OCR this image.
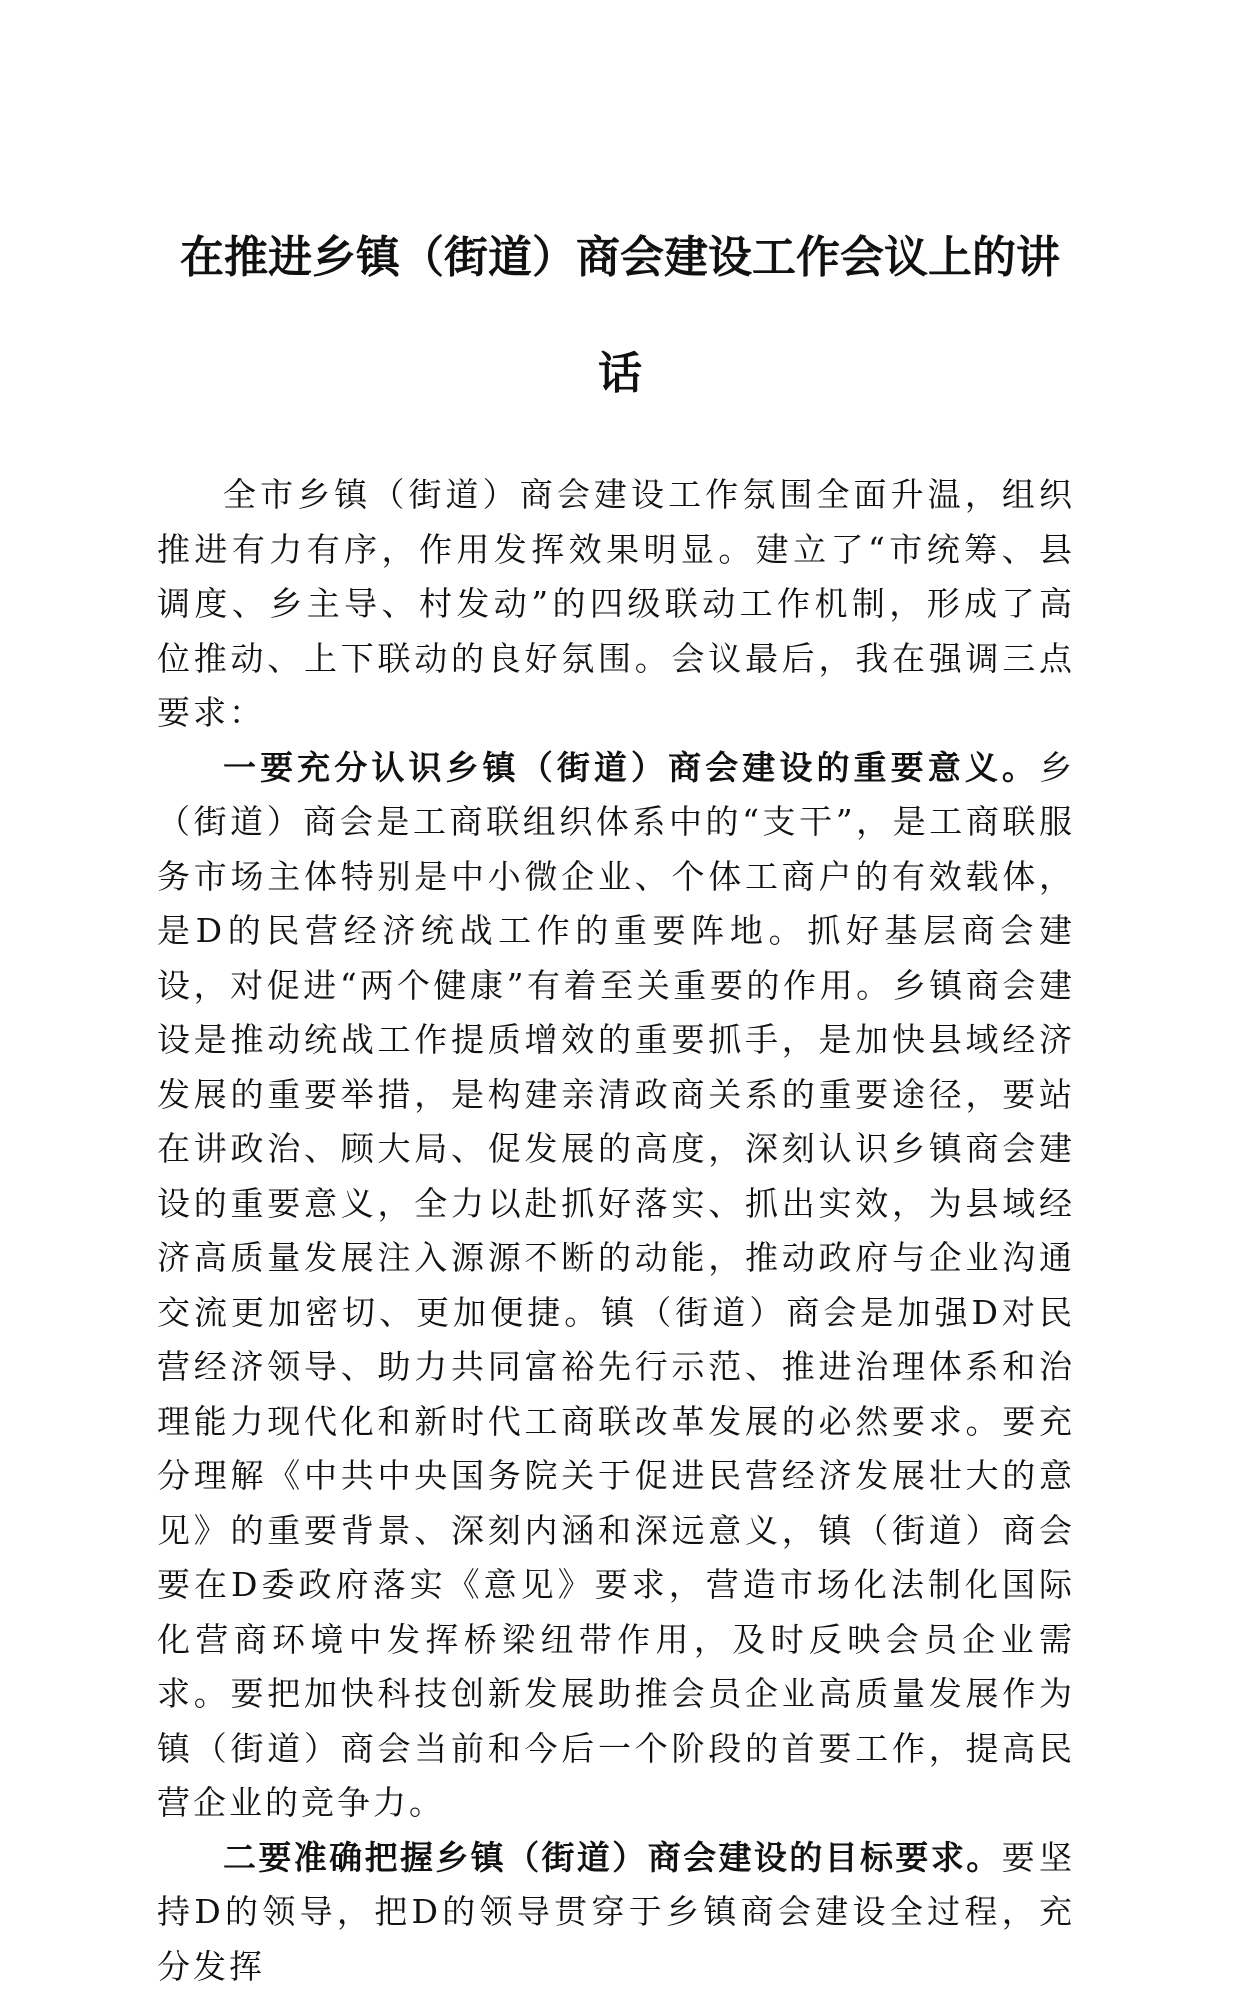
在推进乡镇（街道）商会建设工作会议上的讲
话

全市乡镇（街道）商会建设工作氛围全面升温，组织推进有力有序，作用发挥效果明显。建立了“市统筹、县调度、乡主导、村发动”的四级联动工作机制，形成了高位推动、上下联动的良好氛围。会议最后，我在强调三点要求：

一要充分认识乡镇（街道）商会建设的重要意义。乡（街道）商会是工商联组织体系中的“支干”，是工商联服务市场主体特别是中小微企业、个体工商户的有效载体，是D的民营经济统战工作的重要阵地。抓好基层商会建设，对促进“两个健康”有着至关重要的作用。乡镇商会建设是推动统战工作提质增效的重要抓手，是加快县域经济发展的重要举措，是构建亲清政商关系的重要途径，要站在讲政治、顾大局、促发展的高度，深刻认识乡镇商会建设的重要意义，全力以赴抓好落实、抓出实效，为县域经济高质量发展注入源源不断的动能，推动政府与企业沟通交流更加密切、更加便捷。镇（街道）商会是加强D对民营经济领导、助力共同富裕先行示范、推进治理体系和治理能力现代化和新时代工商联改革发展的必然要求。要充分理解《中共中央国务院关于促进民营经济发展壮大的意见》的重要背景、深刻内涵和深远意义，镇（街道）商会要在D委政府落实《意见》要求，营造市场化法制化国际化营商环境中发挥桥梁纽带作用，及时反映会员企业需求。要把加快科技创新发展助推会员企业高质量发展作为镇（街道）商会当前和今后一个阶段的首要工作，提高民营企业的竞争力。

二要准确把握乡镇（街道）商会建设的目标要求。要坚持D的领导，把D的领导贯穿于乡镇商会建设全过程，充分发挥
